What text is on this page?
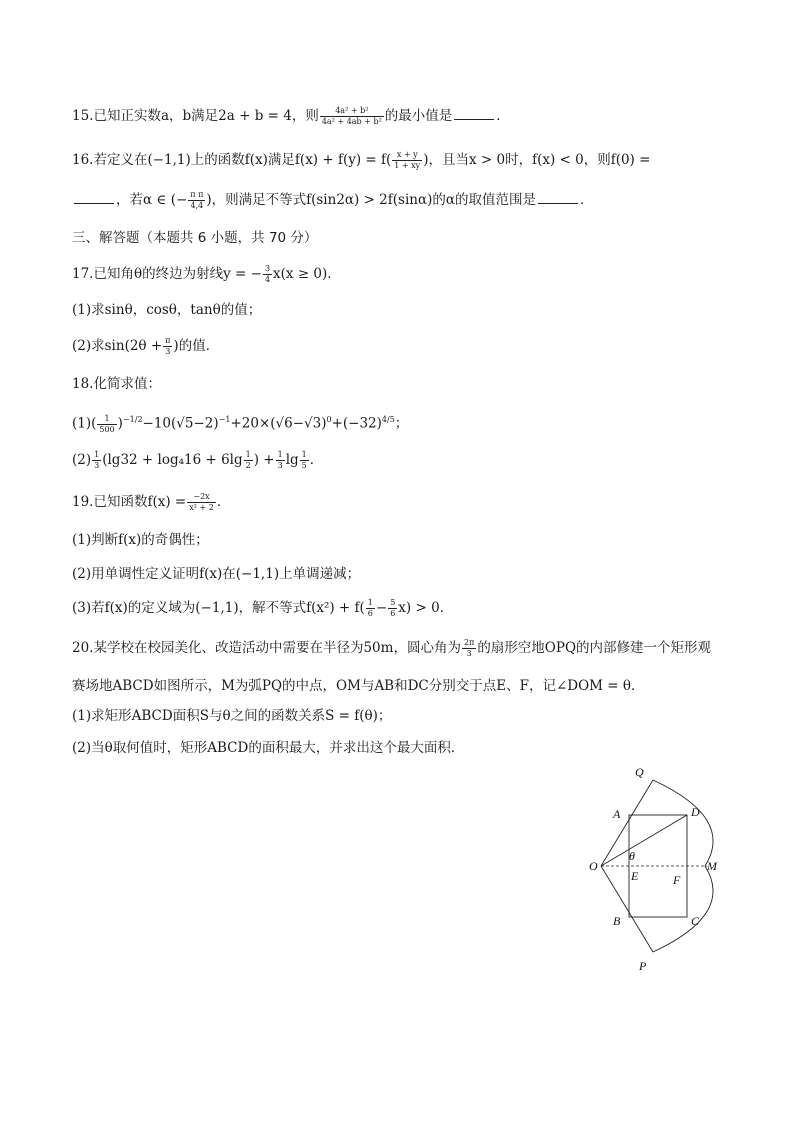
15.已知正实数a，b满足2a + b = 4，则 $\frac{\text{4a² + b²}}{\text{4a² + 4ab + b²}}$ 的最小值是	．
16.若定义在(−1,1)上的函数f(x)满足$f(x) + f(y) = f( \frac{x + y}{1 + xy}$ )，且当x > 0时，f(x) < 0，则f(0) =
，若α ∈ (− $\frac{\text{π π}}{4,4}$ )，则满足不等式f(sin2α) > 2f(sinα)的α的取值范围是	．
三、解答题（本题共 6 小题，共 70 分）
17.已知角θ的终边为射线y = − $\frac{3}{4} x(x \ge 0)$．
(1)求sinθ，cosθ，tanθ的值；
(2)求$\sin(2\theta + \frac{\pi}{3}$ )的值．
18.化简求值：
$(1)( \frac{1}{500} )^{-1/2}-10(√5-2)^{-1}+20\times(√6-√3)^0+(-32)^{4/5}$；
$(2) \frac{1}{3} (\lg 32 + \log_416 + 6\lg \frac{1}{2}$ ) + $\frac{1}{3}$ $\lg \frac{1}{5}$ ．
19.已知函数$f(x) = \frac{-2x}{\text{x² + 2}}$ ．
(1)判断f(x)的奇偶性；
(2)用单调性定义证明f(x)在(−1,1)上单调递减；
(3)若f(x)的定义域为(−1,1)，解不等式$f(x^2) + f( \frac{1}{6} - \frac{5}{6} x) > 0$．
20.某学校在校园美化、改造活动中需要在半径为50m，圆心角为 $\frac{2\pi}{3}$ 的扇形空地OPQ的内部修建一个矩形观
赛场地ABCD如图所示，M为弧PQ的中点，OM与AB和DC分别交于点E、F，记∠DOM = θ．
(1)求矩形ABCD面积S与θ之间的函数关系S = f(θ)；
(2)当θ取何值时，矩形ABCD的面积最大，并求出这个最大面积．
Q
A	D
O
θ
E	F
M
B	C
P
